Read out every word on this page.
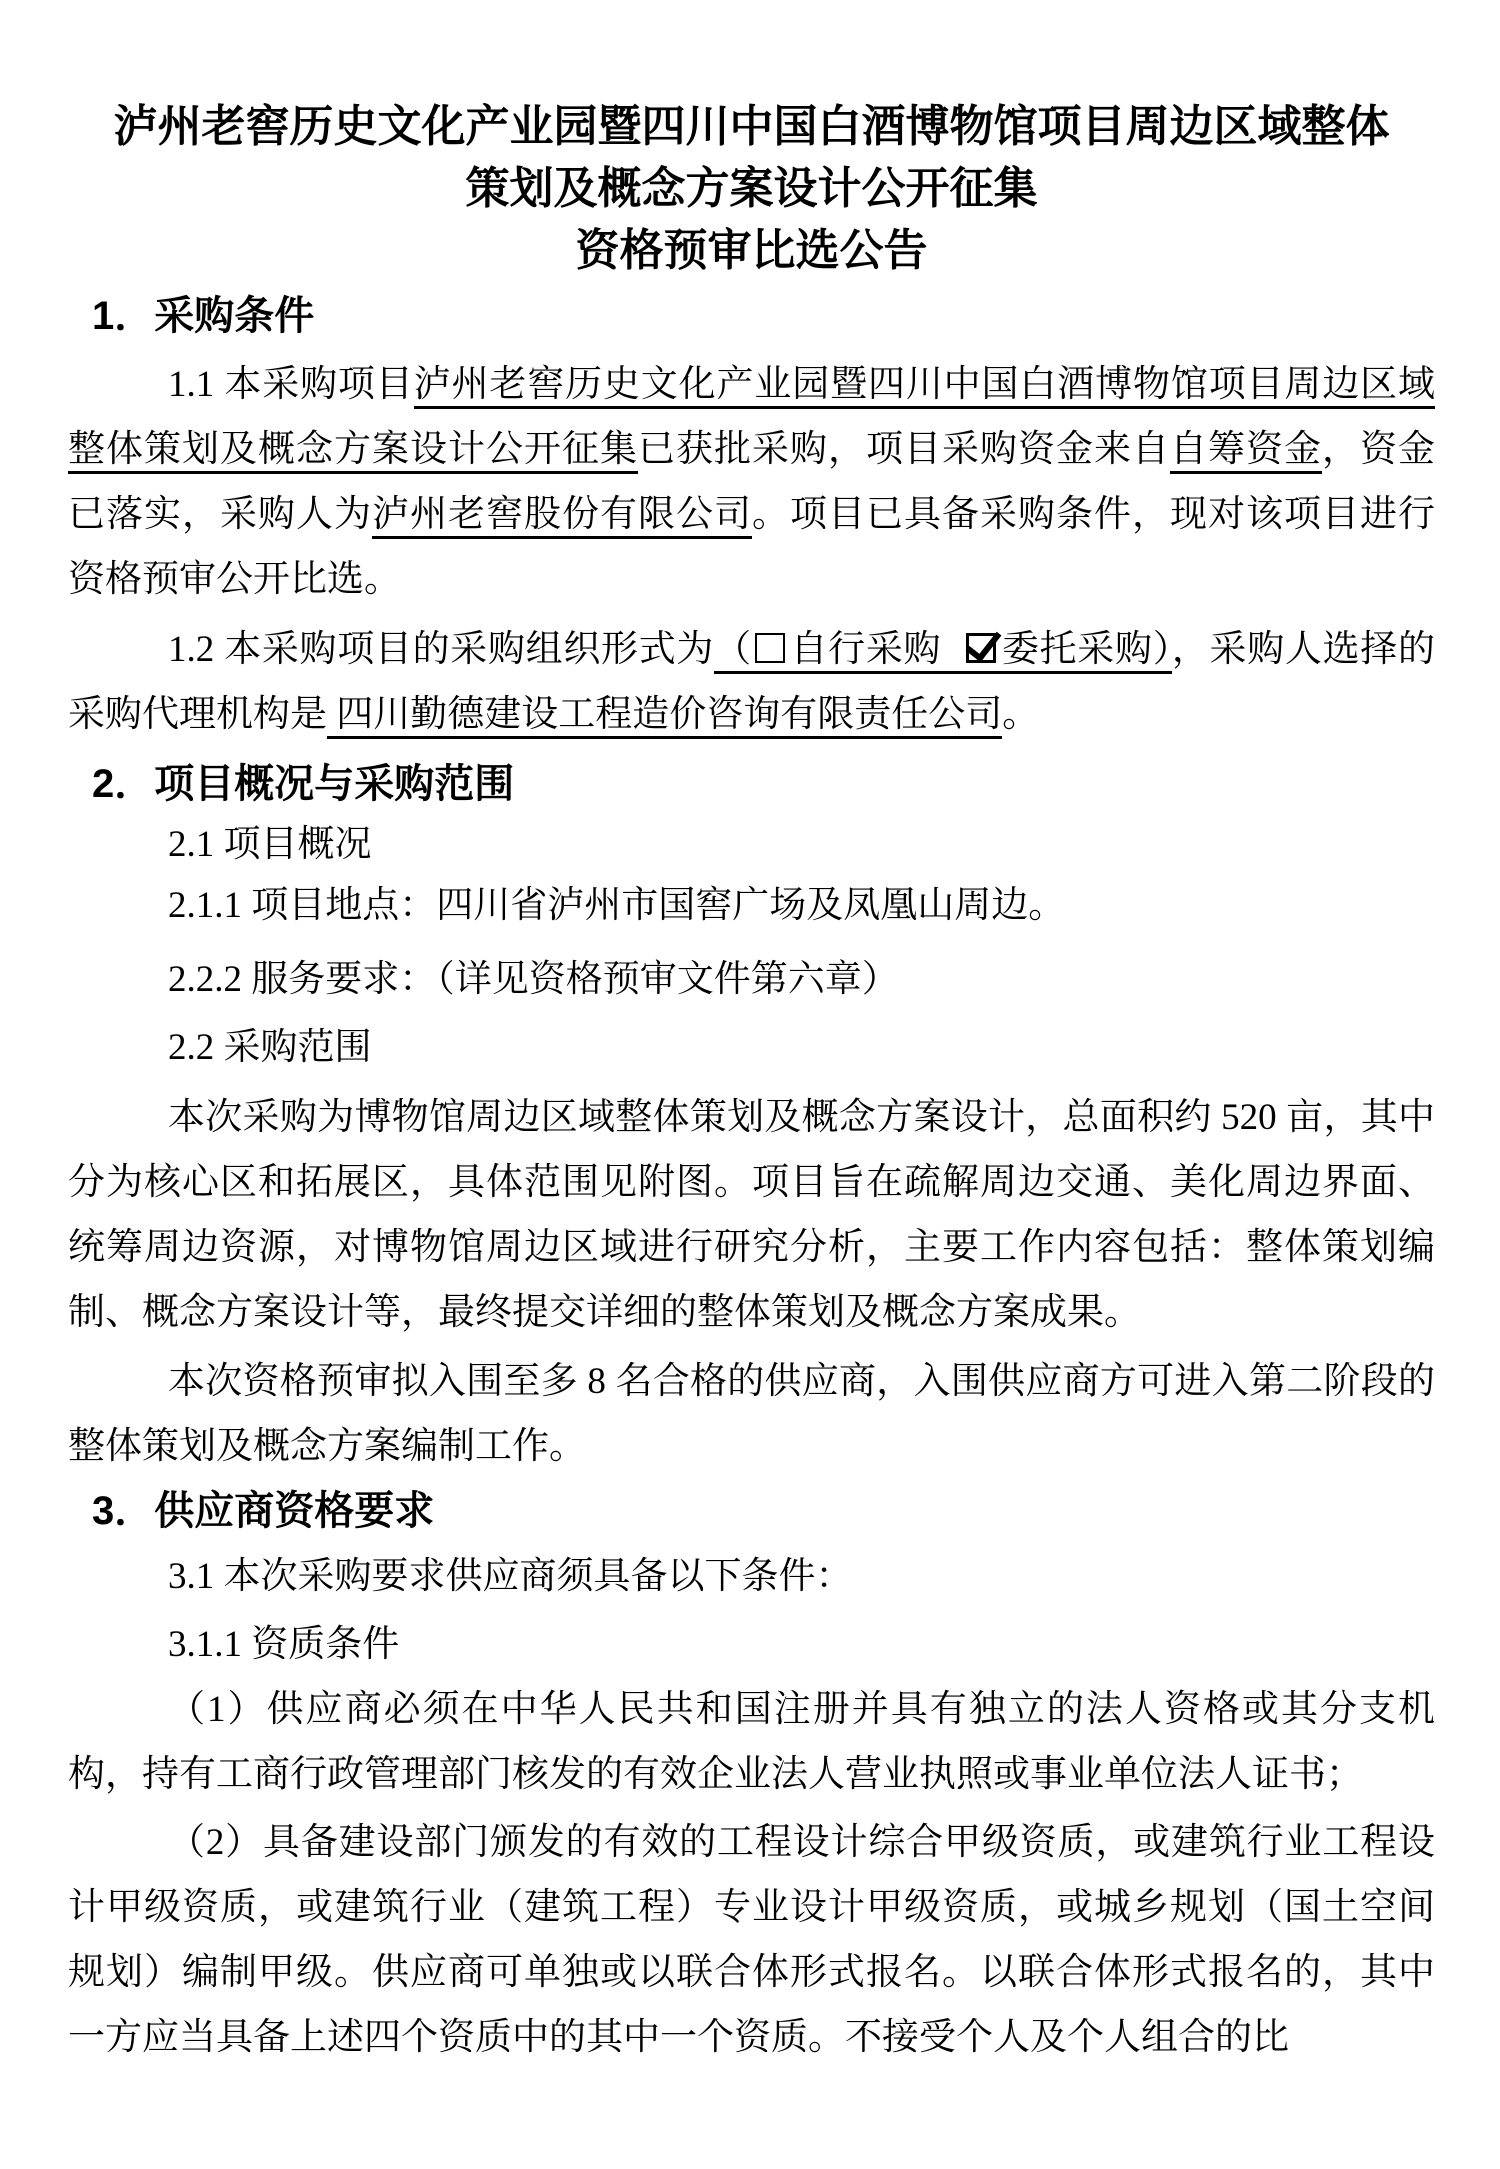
泸州老窖历史文化产业园暨四川中国白酒博物馆项目周边区域整体
策划及概念方案设计公开征集
资格预审比选公告

1．采购条件

1.1 本采购项目泸州老窖历史文化产业园暨四川中国白酒博物馆项目周边区域整体策划及概念方案设计公开征集已获批采购，项目采购资金来自自筹资金，资金已落实，采购人为泸州老窖股份有限公司。项目已具备采购条件，现对该项目进行资格预审公开比选。

1.2 本采购项目的采购组织形式为（ 自行采购 委托采购），采购人选择的采购代理机构是 四川勤德建设工程造价咨询有限责任公司。

2．项目概况与采购范围

2.1 项目概况

2.1.1 项目地点：四川省泸州市国窖广场及凤凰山周边。

2.2.2 服务要求：（详见资格预审文件第六章）

2.2 采购范围

本次采购为博物馆周边区域整体策划及概念方案设计，总面积约 520 亩，其中分为核心区和拓展区，具体范围见附图。项目旨在疏解周边交通、美化周边界面、统筹周边资源，对博物馆周边区域进行研究分析，主要工作内容包括：整体策划编制、概念方案设计等，最终提交详细的整体策划及概念方案成果。

本次资格预审拟入围至多 8 名合格的供应商，入围供应商方可进入第二阶段的整体策划及概念方案编制工作。

3．供应商资格要求

3.1 本次采购要求供应商须具备以下条件：

3.1.1 资质条件

（1）供应商必须在中华人民共和国注册并具有独立的法人资格或其分支机构，持有工商行政管理部门核发的有效企业法人营业执照或事业单位法人证书；

（2）具备建设部门颁发的有效的工程设计综合甲级资质，或建筑行业工程设计甲级资质，或建筑行业（建筑工程）专业设计甲级资质，或城乡规划（国土空间规划）编制甲级。供应商可单独或以联合体形式报名。以联合体形式报名的，其中一方应当具备上述四个资质中的其中一个资质。不接受个人及个人组合的比
